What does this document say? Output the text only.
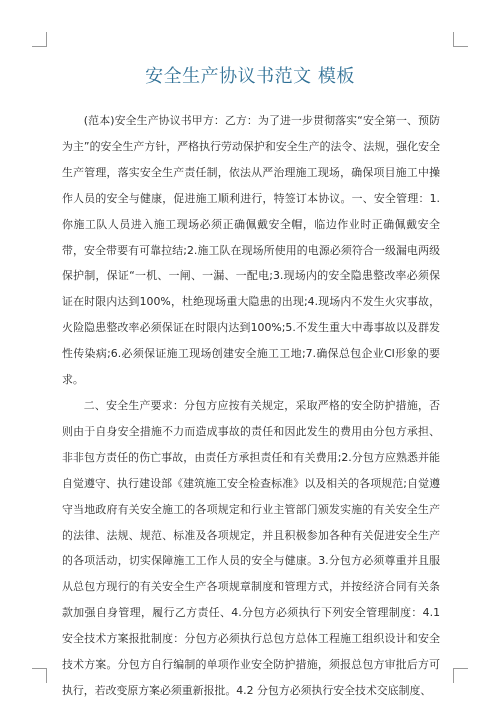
安全生产协议书范文 模板

(范本)安全生产协议书甲方：乙方：为了进一步贯彻落实“安全第一、预防为主”的安全生产方针，严格执行劳动保护和安全生产的法令、法规，强化安全生产管理，落实安全生产责任制，依法从严治理施工现场，确保项目施工中操作人员的安全与健康，促进施工顺利进行，特签订本协议。一、安全管理：1.你施工队人员进入施工现场必须正确佩戴安全帽，临边作业时正确佩戴安全带，安全带要有可靠拉结;2.施工队在现场所使用的电源必须符合一级漏电两级保护制，保证“一机、一闸、一漏、一配电;3.现场内的安全隐患整改率必须保证在时限内达到100%，杜绝现场重大隐患的出现;4.现场内不发生火灾事故，火险隐患整改率必须保证在时限内达到100%;5.不发生重大中毒事故以及群发性传染病;6.必须保证施工现场创建安全施工工地;7.确保总包企业CI形象的要求。

二、安全生产要求：分包方应按有关规定，采取严格的安全防护措施，否则由于自身安全措施不力而造成事故的责任和因此发生的费用由分包方承担、非非包方责任的伤亡事故，由责任方承担责任和有关费用;2.分包方应熟悉并能自觉遵守、执行建设部《建筑施工安全检查标准》以及相关的各项规范;自觉遵守当地政府有关安全施工的各项规定和行业主管部门颁发实施的有关安全生产的法律、法规、规范、标准及各项规定，并且积极参加各种有关促进安全生产的各项活动，切实保障施工工作人员的安全与健康。3.分包方必须尊重并且服从总包方现行的有关安全生产各项规章制度和管理方式，并按经济合同有关条款加强自身管理，履行乙方责任、4.分包方必须执行下列安全管理制度：4.1 安全技术方案报批制度：分包方必须执行总包方总体工程施工组织设计和安全技术方案。分包方自行编制的单项作业安全防护措施，须报总包方审批后方可执行，若改变原方案必须重新报批。4.2 分包方必须执行安全技术交底制度、
